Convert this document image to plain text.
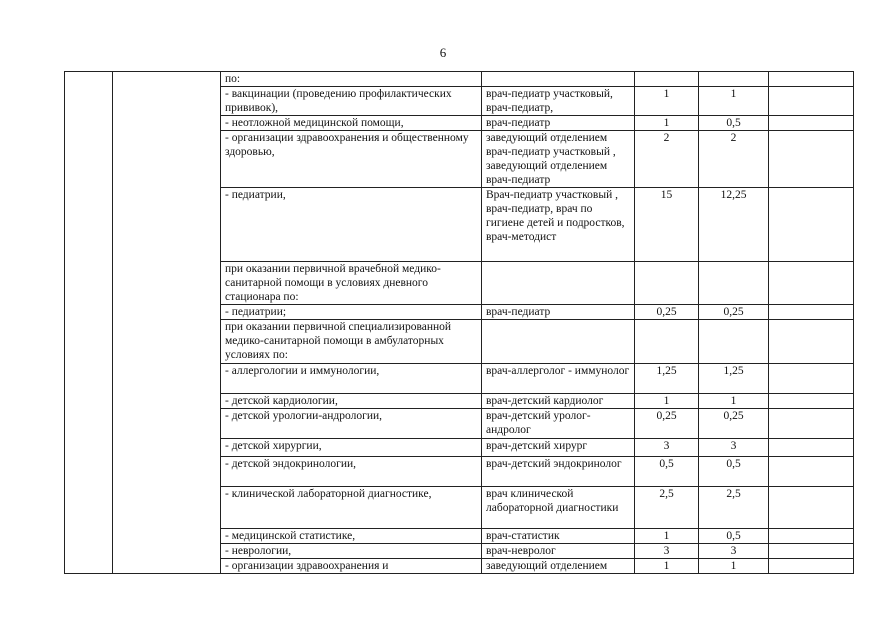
6
		по:				
		- вакцинации (проведению профилактических прививок),	врач-педиатр участковый, врач-педиатр,	1	1	
		- неотложной медицинской помощи,	врач-педиатр	1	0,5	
		- организации здравоохранения и общественному здоровью,	заведующий отделением врач-педиатр участковый , заведующий отделением врач-педиатр	2	2	
		- педиатрии,	Врач-педиатр участковый , врач-педиатр, врач по гигиене детей и подростков, врач-методист	15	12,25	
		при оказании первичной врачебной медико-санитарной помощи в условиях дневного стационара по:				
		- педиатрии;	врач-педиатр	0,25	0,25	
		при оказании первичной специализированной медико-санитарной помощи в амбулаторных условиях по:				
		- аллергологии и иммунологии,	врач-аллерголог - иммунолог	1,25	1,25	
		- детской кардиологии,	врач-детский кардиолог	1	1	
		- детской урологии-андрологии,	врач-детский уролог-андролог	0,25	0,25	
		- детской хирургии,	врач-детский хирург	3	3	
		- детской эндокринологии,	врач-детский эндокринолог	0,5	0,5	
		- клинической лабораторной диагностике,	врач клинической лабораторной диагностики	2,5	2,5	
		- медицинской статистике,	врач-статистик	1	0,5	
		- неврологии,	врач-невролог	3	3	
		- организации здравоохранения и	заведующий отделением	1	1	
